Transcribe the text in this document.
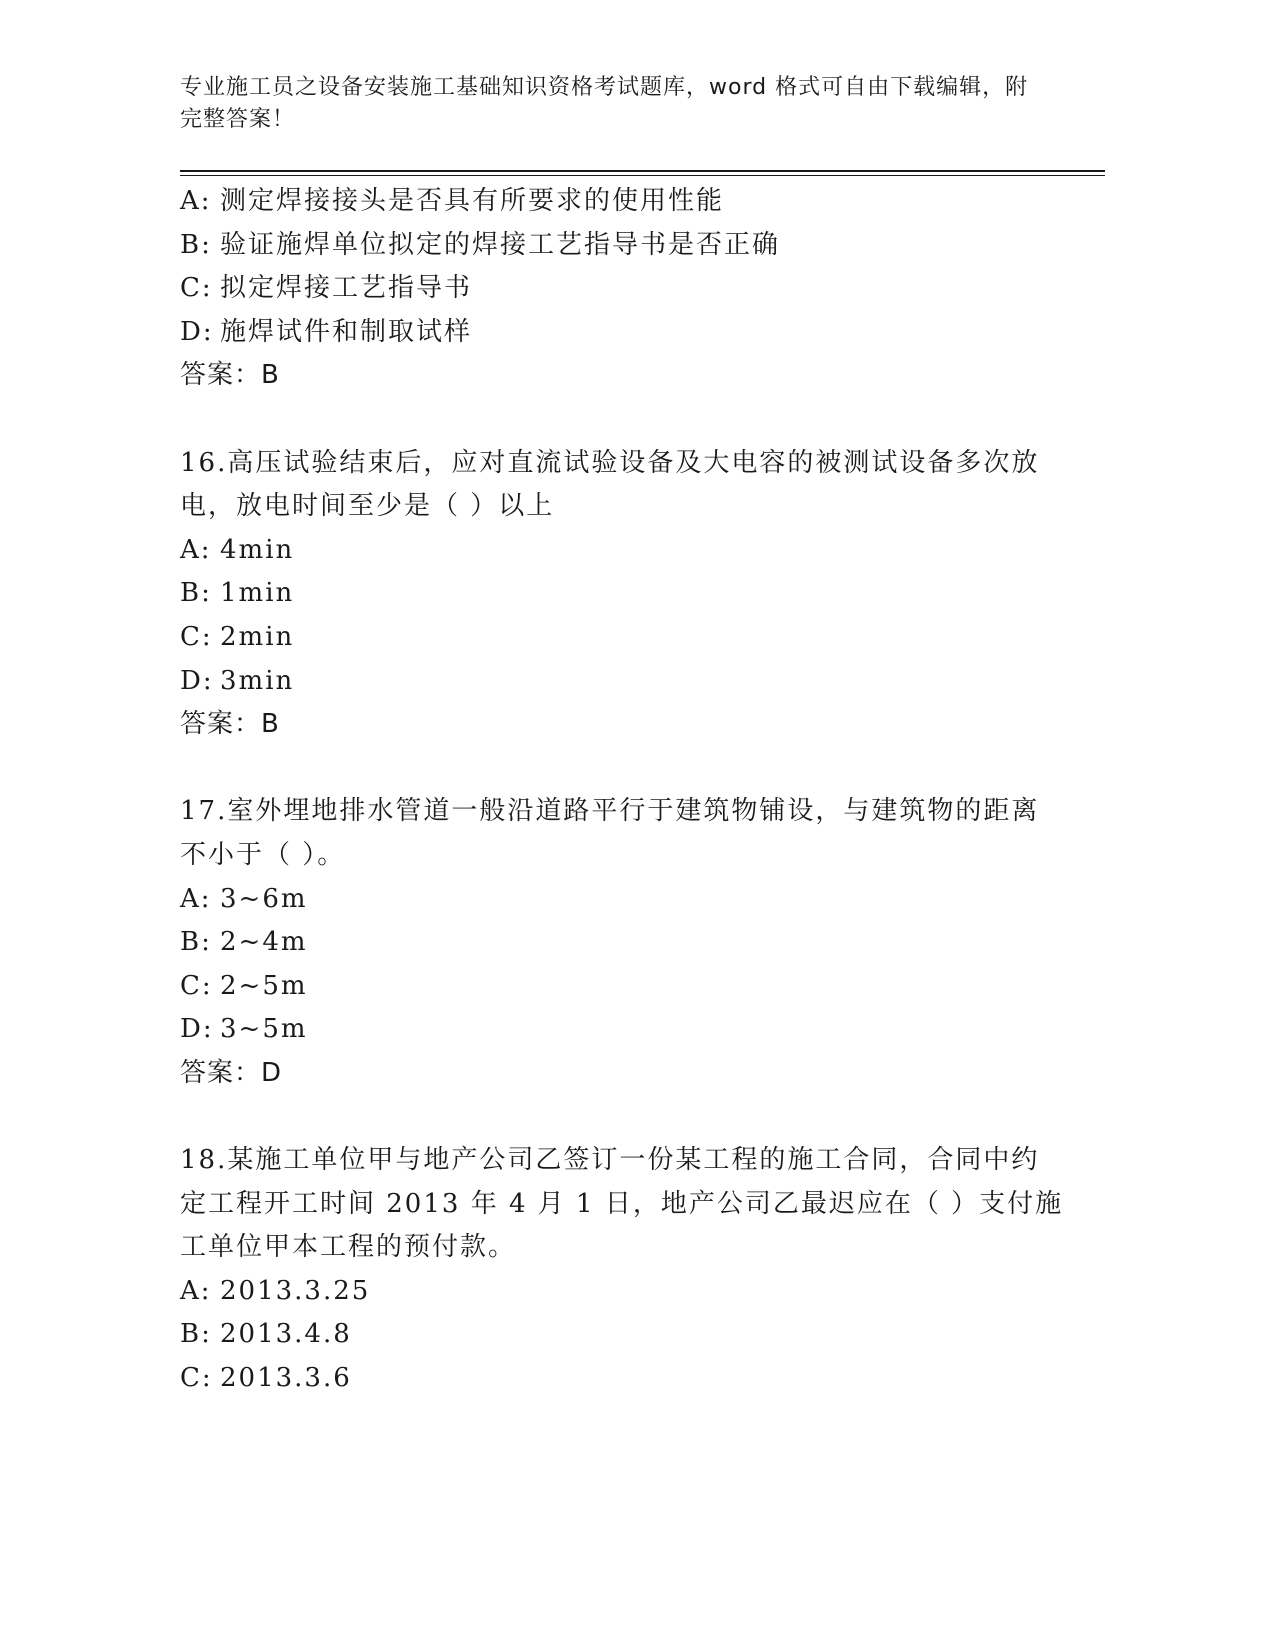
专业施工员之设备安装施工基础知识资格考试题库，word 格式可自由下载编辑，附完整答案！

A: 测定焊接接头是否具有所要求的使用性能
B: 验证施焊单位拟定的焊接工艺指导书是否正确
C: 拟定焊接工艺指导书
D: 施焊试件和制取试样
答案：B
16.高压试验结束后，应对直流试验设备及大电容的被测试设备多次放
电，放电时间至少是（ ）以上
A: 4min
B: 1min
C: 2min
D: 3min
答案：B
17.室外埋地排水管道一般沿道路平行于建筑物铺设，与建筑物的距离
不小于（ ）。
A: 3~6m
B: 2~4m
C: 2~5m
D: 3~5m
答案：D
18.某施工单位甲与地产公司乙签订一份某工程的施工合同，合同中约
定工程开工时间 2013 年 4 月 1 日，地产公司乙最迟应在（ ）支付施
工单位甲本工程的预付款。
A: 2013.3.25
B: 2013.4.8
C: 2013.3.6
